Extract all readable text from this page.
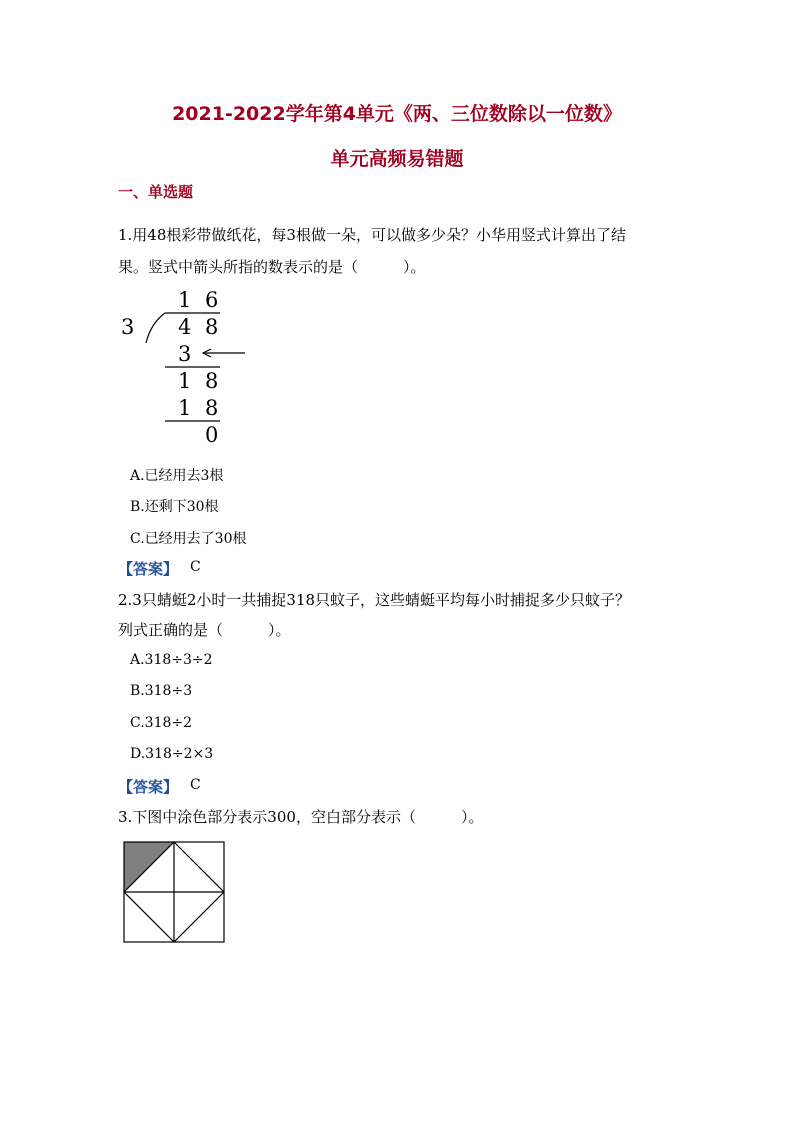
2021-2022学年第4单元《两、三位数除以一位数》
单元高频易错题
一、单选题
1.用48根彩带做纸花，每3根做一朵，可以做多少朵？小华用竖式计算出了结
果。竖式中箭头所指的数表示的是（　　　）。
1 6
3 4 8
3
1 8
1 8
0
A.已经用去3根
B.还剩下30根
C.已经用去了30根
【答案】 C
2.3只蜻蜓2小时一共捕捉318只蚊子，这些蜻蜓平均每小时捕捉多少只蚊子？
列式正确的是（　　　）。
A.318÷3÷2
B.318÷3
C.318÷2
D.318÷2×3
【答案】 C
3.下图中涂色部分表示300，空白部分表示（　　　）。
